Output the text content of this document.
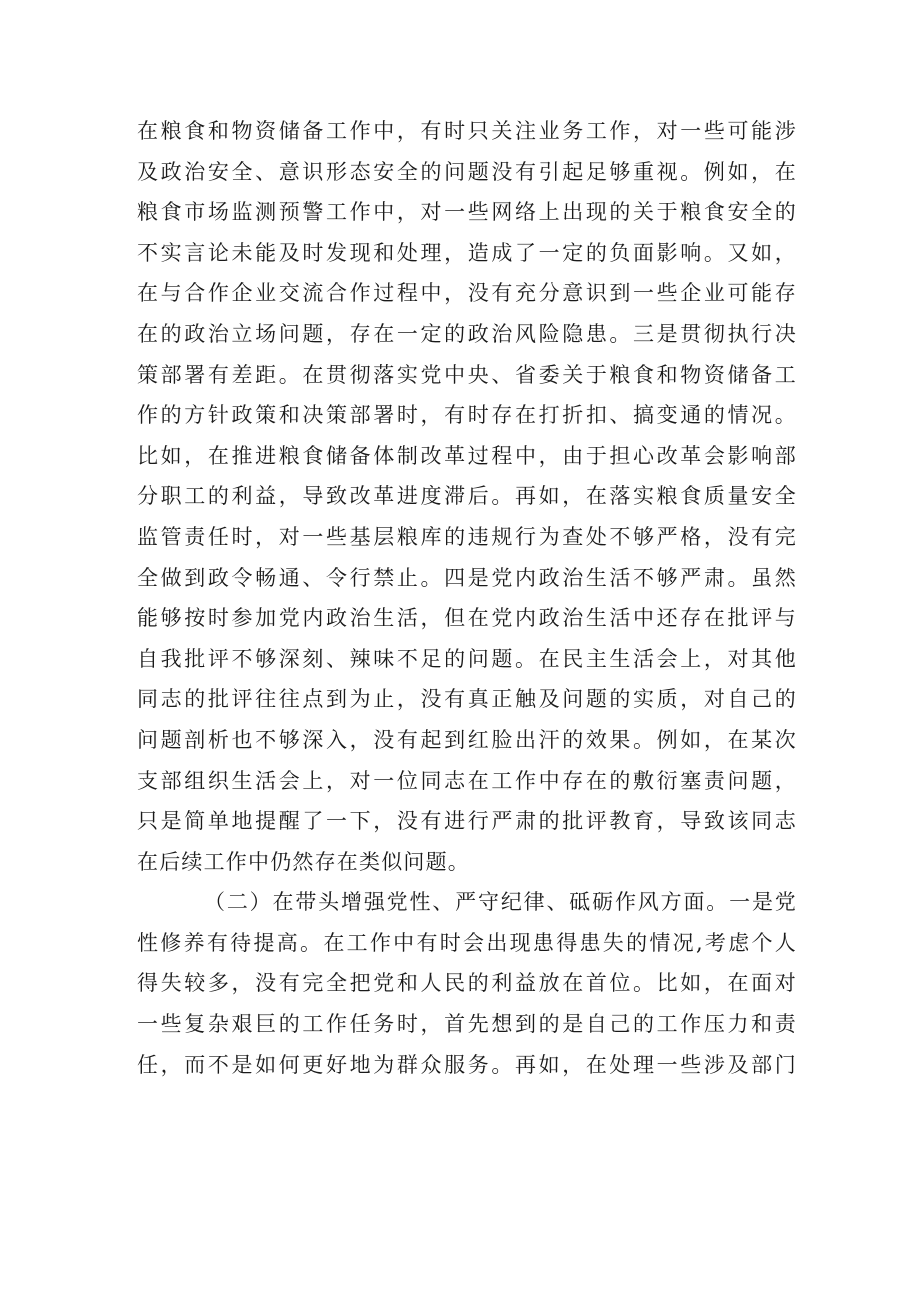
在粮食和物资储备工作中，有时只关注业务工作，对一些可能涉
及政治安全、意识形态安全的问题没有引起足够重视。例如，在
粮食市场监测预警工作中，对一些网络上出现的关于粮食安全的
不实言论未能及时发现和处理，造成了一定的负面影响。又如，
在与合作企业交流合作过程中，没有充分意识到一些企业可能存
在的政治立场问题，存在一定的政治风险隐患。三是贯彻执行决
策部署有差距。在贯彻落实党中央、省委关于粮食和物资储备工
作的方针政策和决策部署时，有时存在打折扣、搞变通的情况。
比如，在推进粮食储备体制改革过程中，由于担心改革会影响部
分职工的利益，导致改革进度滞后。再如，在落实粮食质量安全
监管责任时，对一些基层粮库的违规行为查处不够严格，没有完
全做到政令畅通、令行禁止。四是党内政治生活不够严肃。虽然
能够按时参加党内政治生活，但在党内政治生活中还存在批评与
自我批评不够深刻、辣味不足的问题。在民主生活会上，对其他
同志的批评往往点到为止，没有真正触及问题的实质，对自己的
问题剖析也不够深入，没有起到红脸出汗的效果。例如，在某次
支部组织生活会上，对一位同志在工作中存在的敷衍塞责问题，
只是简单地提醒了一下，没有进行严肃的批评教育，导致该同志
在后续工作中仍然存在类似问题。
（二）在带头增强党性、严守纪律、砥砺作风方面。一是党
性修养有待提高。在工作中有时会出现患得患失的情况,考虑个人
得失较多，没有完全把党和人民的利益放在首位。比如，在面对
一些复杂艰巨的工作任务时，首先想到的是自己的工作压力和责
任，而不是如何更好地为群众服务。再如，在处理一些涉及部门
